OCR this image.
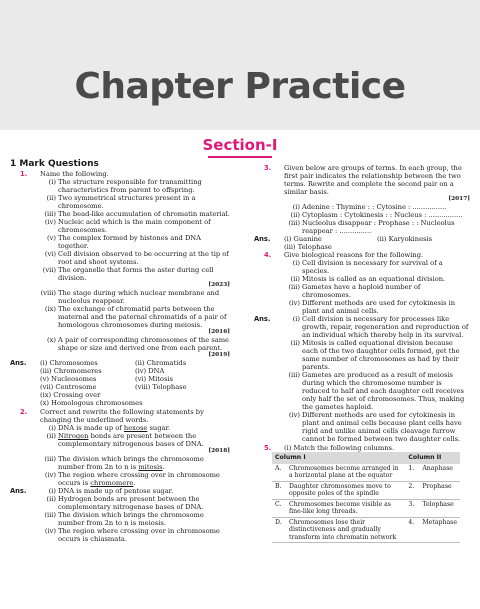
Chapter Practice
Section-I
1 Mark Questions
1. Name the following.
(i) The structure responsible for transmitting characteristics from parent to offspring.
(ii) Two symmetrical structures present in a chromosome.
(iii) The bead-like accumulation of chromatin material.
(iv) Nucleic acid which is the main component of chromosomes.
(v) The complex formed by histones and DNA together.
(vi) Cell division observed to be occurring at the tip of root and shoot systems.
(vii) The organelle that forms the aster during cell division.
[2023]
(viii) The stage during which nuclear membrane and nucleolus reappear.
(ix) The exchange of chromatid parts between the maternal and the paternal chromatids of a pair of homologous chromosomes during meiosis.
[2016]
(x) A pair of corresponding chromosomes of the same shape or size and derived one from each parent.
[2019]
Ans. (i) Chromosomes	(ii) Chromatids
(iii) Chromomeres	(iv) DNA
(v) Nucleosomes	(vi) Mitosis
(vii) Centrosome	(viii) Telophase
(ix) Crossing over
(x) Homologous chromosomes
2. Correct and rewrite the following statements by changing the underlined words.
(i) DNA is made up of hexose sugar.
(ii) Nitrogen bonds are present between the complementary nitrogenous bases of DNA.
[2018]
(iii) The division which brings the chromosome number from 2n to n is mitosis.
(iv) The region where crossing over in chromosome occurs is chromomere.
Ans.	(i) DNA is made up of pentose sugar.
(ii) Hydrogen bonds are present between the complementary nitrogenase bases of DNA.
(iii) The division which brings the chromosome number from 2n to n is meiosis.
(iv) The region where crossing over in chromosome occurs is chiasmata.
3. Given below are groups of terms. In each group, the first pair indicates the relationship between the two terms. Rewrite and complete the second pair on a similar basis.
[2017]
(i) Adenine : Thymine : : Cytosine : ................
(ii) Cytoplasm : Cytokinesis : : Nucleus : ................
(iii) Nucleolus disappear : Prophase : : Nucleolus reappear : ...............
Ans. (i) Guanine	(ii) Karyokinesis
(iii) Telophase
4. Give biological reasons for the following.
(i) Cell division is necessary for survival of a species.
(ii) Mitosis is called as an equational division.
(iii) Gametes have a haploid number of chromosomes.
(iv) Different methods are used for cytokinesis in plant and animal cells.
Ans.	(i) Cell division is necessary for processes like growth, repair, regeneration and reproduction of an individual which thereby help in its survival.
(ii) Mitosis is called equational division because each of the two daughter cells formed, get the same number of chromosomes as had by their parents.
(iii) Gametes are produced as a result of meiosis during which the chromosome number is reduced to half and each daughter cell receives only half the set of chromosomes. Thus, making the gametes haploid.
(iv) Different methods are used for cytokinesis in plant and animal cells because plant cells have rigid and unlike animal cells cleavage furrow cannot be formed between two daughter cells.
5. (i) Match the following columns.
Column I		Column II	
A.	Chromosomes become arranged in a horizontal plane at the equator	1.	Anaphase
B.	Daughter chromosomes move to opposite poles of the spindle	2.	Prophase
C.	Chromosomes become visible as fine-like long threads.	3.	Telophase
D.	Chromosomes lose their distinctiveness and gradually transform into chromatin network	4.	Metaphase
